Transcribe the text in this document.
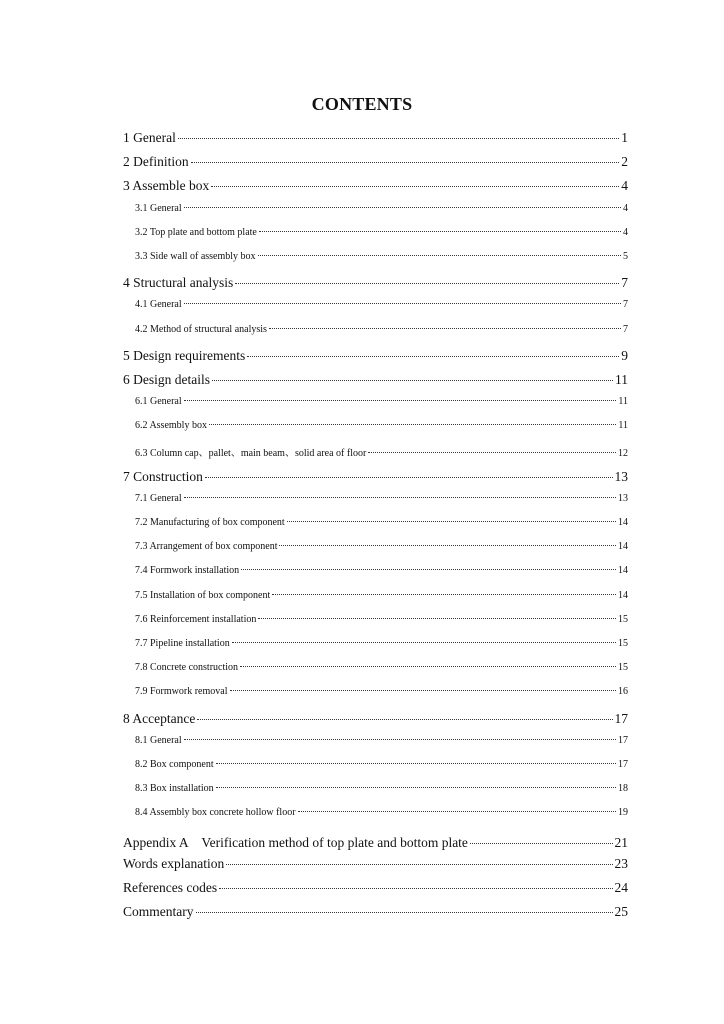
CONTENTS
1 General	1
2 Definition	2
3 Assemble box	4
3.1 General	4
3.2 Top plate and bottom plate	4
3.3 Side wall of assembly box	5
4 Structural analysis	7
4.1 General	7
4.2 Method of structural analysis	7
5 Design requirements	9
6 Design details	11
6.1 General	11
6.2 Assembly box	11
6.3 Column cap、pallet、main beam、solid area of floor	12
7 Construction	13
7.1 General	13
7.2 Manufacturing of box component	14
7.3 Arrangement of box component	14
7.4 Formwork installation	14
7.5 Installation of box component	14
7.6 Reinforcement installation	15
7.7 Pipeline installation	15
7.8 Concrete construction	15
7.9 Formwork removal	16
8 Acceptance	17
8.1 General	17
8.2 Box component	17
8.3 Box installation	18
8.4 Assembly box concrete hollow floor	19
Appendix A　Verification method of top plate and bottom plate	21
Words explanation	23
References codes	24
Commentary	25
